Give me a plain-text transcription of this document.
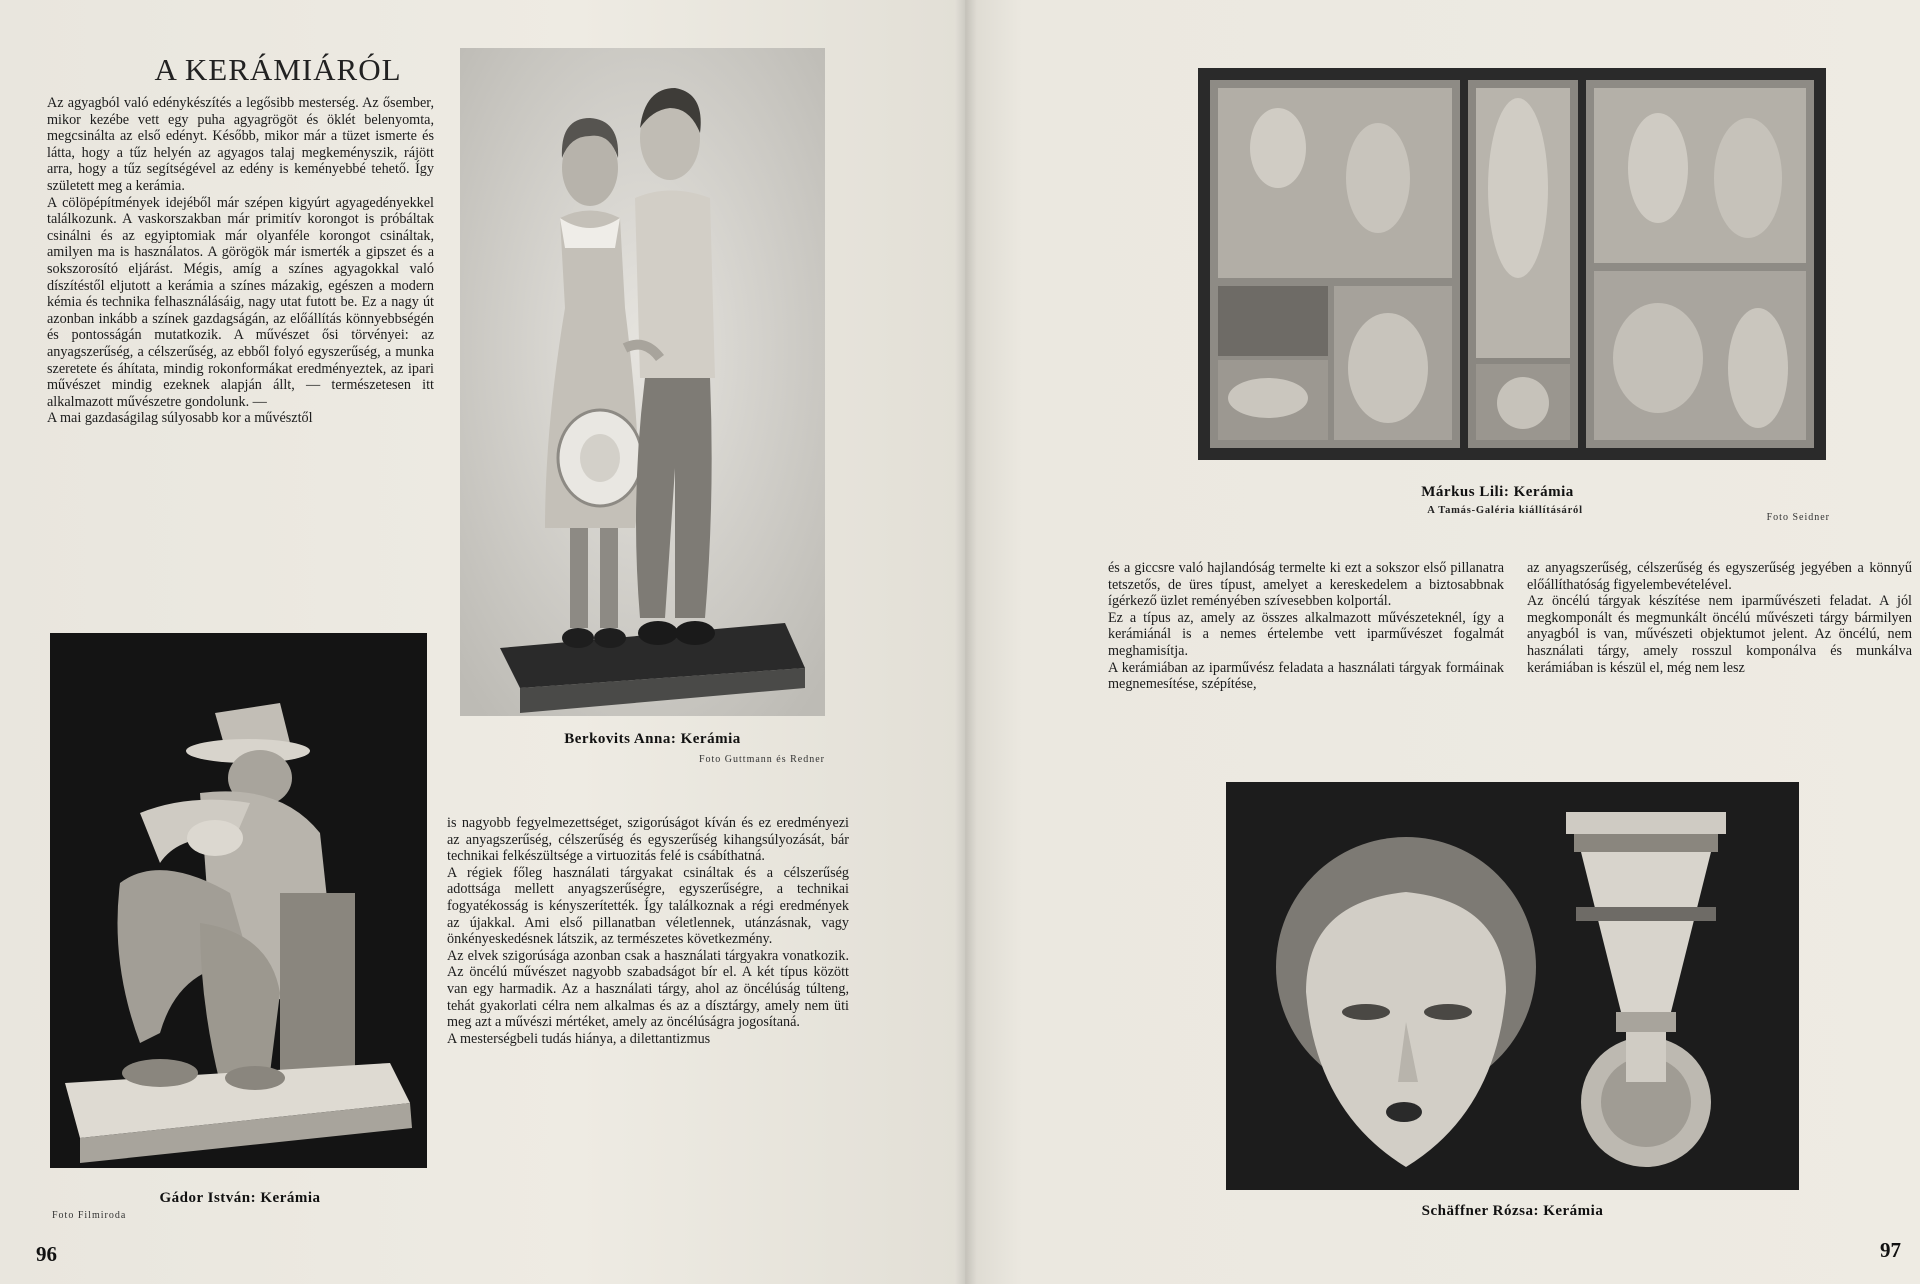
A KERÁMIÁRÓL

Az agyagból való edénykészítés a legősibb mesterség. Az ősember, mikor kezébe vett egy puha agyagrögöt és öklét belenyomta, megcsinálta az első edényt. Később, mikor már a tüzet ismerte és látta, hogy a tűz helyén az agyagos talaj megkeményszik, rájött arra, hogy a tűz segítségével az edény is keményebbé tehető. Így született meg a kerámia.

A cölöpépítmények idejéből már szépen kigyúrt agyagedényekkel találkozunk. A vaskorszakban már primitív korongot is próbáltak csinálni és az egyiptomiak már olyanféle korongot csináltak, amilyen ma is használatos. A görögök már ismerték a gipszet és a sokszorosító eljárást. Mégis, amíg a színes agyagokkal való díszítéstől eljutott a kerámia a színes mázakig, egészen a modern kémia és technika felhasználásáig, nagy utat futott be. Ez a nagy út azonban inkább a színek gazdagságán, az előállítás könnyebbségén és pontosságán mutatkozik. A művészet ősi törvényei: az anyagszerűség, a célszerűség, az ebből folyó egyszerűség, a munka szeretete és áhítata, mindig rokonformákat eredményeztek, az ipari művészet mindig ezeknek alapján állt, — természetesen itt alkalmazott művészetre gondolunk. —

A mai gazdaságilag súlyosabb kor a művésztől

Berkovits Anna: Kerámia
Foto Guttmann és Redner
Gádor István: Kerámia
Foto Filmiroda

is nagyobb fegyelmezettséget, szigorúságot kíván és ez eredményezi az anyagszerűség, célszerűség és egyszerűség kihangsúlyozását, bár technikai felkészültsége a virtuozitás felé is csábíthatná.

A régiek főleg használati tárgyakat csináltak és a célszerűség adottsága mellett anyagszerűségre, egyszerűségre, a technikai fogyatékosság is kényszerítették. Így találkoznak a régi eredmények az újakkal. Ami első pillanatban véletlennek, utánzásnak, vagy önkényeskedésnek látszik, az természetes következmény.

Az elvek szigorúsága azonban csak a használati tárgyakra vonatkozik. Az öncélú művészet nagyobb szabadságot bír el. A két típus között van egy harmadik. Az a használati tárgy, ahol az öncélúság túlteng, tehát gyakorlati célra nem alkalmas és az a dísztárgy, amely nem üti meg azt a művészi mértéket, amely az öncélúságra jogosítaná.

A mesterségbeli tudás hiánya, a dilettantizmus

96
Márkus Lili: Kerámia
A Tamás-Galéria kiállításáról
Foto Seidner

és a giccsre való hajlandóság termelte ki ezt a sokszor első pillanatra tetszetős, de üres típust, amelyet a kereskedelem a biztosabbnak ígérkező üzlet reményében szívesebben kolportál.

Ez a típus az, amely az összes alkalmazott művészeteknél, így a kerámiánál is a nemes értelembe vett iparművészet fogalmát meghamisítja.

A kerámiában az iparművész feladata a használati tárgyak formáinak megnemesítése, szépítése,

az anyagszerűség, célszerűség és egyszerűség jegyében a könnyű előállíthatóság figyelembevételével.

Az öncélú tárgyak készítése nem iparművészeti feladat. A jól megkomponált és megmunkált öncélú művészeti tárgy bármilyen anyagból is van, művészeti objektumot jelent. Az öncélú, nem használati tárgy, amely rosszul komponálva és munkálva kerámiában is készül el, még nem lesz

Schäffner Rózsa: Kerámia
97
